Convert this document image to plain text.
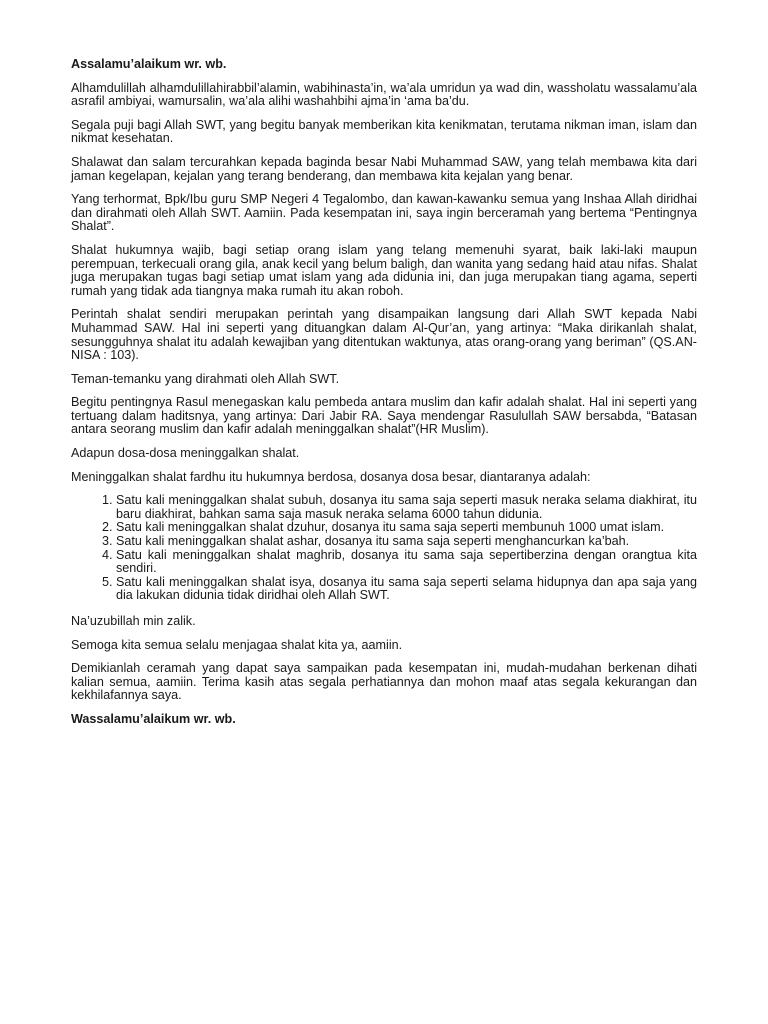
Assalamu’alaikum wr. wb.

Alhamdulillah alhamdulillahirabbil’alamin, wabihinasta’in, wa’ala umridun ya wad din, wassholatu wassalamu’ala asrafil ambiyai, wamursalin, wa’ala alihi washahbihi ajma’in ‘ama ba’du.

Segala puji bagi Allah SWT, yang begitu banyak memberikan kita kenikmatan, terutama nikman iman, islam dan nikmat kesehatan.

Shalawat dan salam tercurahkan kepada baginda besar Nabi Muhammad SAW, yang telah membawa kita dari jaman kegelapan, kejalan yang terang benderang, dan membawa kita kejalan yang benar.

Yang terhormat, Bpk/Ibu guru SMP Negeri 4 Tegalombo, dan kawan-kawanku semua yang Inshaa Allah diridhai dan dirahmati oleh Allah SWT. Aamiin. Pada kesempatan ini, saya ingin berceramah yang bertema “Pentingnya Shalat”.

Shalat hukumnya wajib, bagi setiap orang islam yang telang memenuhi syarat, baik laki-laki maupun perempuan, terkecuali orang gila, anak kecil yang belum baligh, dan wanita yang sedang haid atau nifas. Shalat juga merupakan tugas bagi setiap umat islam yang ada didunia ini, dan juga merupakan tiang agama, seperti rumah yang tidak ada tiangnya maka rumah itu akan roboh.

Perintah shalat sendiri merupakan perintah yang disampaikan langsung dari Allah SWT kepada Nabi Muhammad SAW. Hal ini seperti yang dituangkan dalam Al-Qur’an, yang artinya: “Maka dirikanlah shalat, sesungguhnya shalat itu adalah kewajiban yang ditentukan waktunya, atas orang-orang yang beriman” (QS.AN-NISA : 103).

Teman-temanku yang dirahmati oleh Allah SWT.

Begitu pentingnya Rasul menegaskan kalu pembeda antara muslim dan kafir adalah shalat. Hal ini seperti yang tertuang dalam haditsnya, yang artinya: Dari Jabir RA. Saya mendengar Rasulullah SAW bersabda, “Batasan antara seorang muslim dan kafir adalah meninggalkan shalat”(HR Muslim).

Adapun dosa-dosa meninggalkan shalat.

Meninggalkan shalat fardhu itu hukumnya berdosa, dosanya dosa besar, diantaranya adalah:

1. Satu kali meninggalkan shalat subuh, dosanya itu sama saja seperti masuk neraka selama diakhirat, itu baru diakhirat, bahkan sama saja masuk neraka selama 6000 tahun didunia.
2. Satu kali meninggalkan shalat dzuhur, dosanya itu sama saja seperti membunuh 1000 umat islam.
3. Satu kali meninggalkan shalat ashar, dosanya itu sama saja seperti menghancurkan ka’bah.
4. Satu kali meninggalkan shalat maghrib, dosanya itu sama saja sepertiberzina dengan orangtua kita sendiri.
5. Satu kali meninggalkan shalat isya, dosanya itu sama saja seperti selama hidupnya dan apa saja yang dia lakukan didunia tidak diridhai oleh Allah SWT.

Na’uzubillah min zalik.

Semoga kita semua selalu menjagaa shalat kita ya, aamiin.

Demikianlah ceramah yang dapat saya sampaikan pada kesempatan ini, mudah-mudahan berkenan dihati kalian semua, aamiin. Terima kasih atas segala perhatiannya dan mohon maaf atas segala kekurangan dan kekhilafannya saya.

Wassalamu’alaikum wr. wb.
